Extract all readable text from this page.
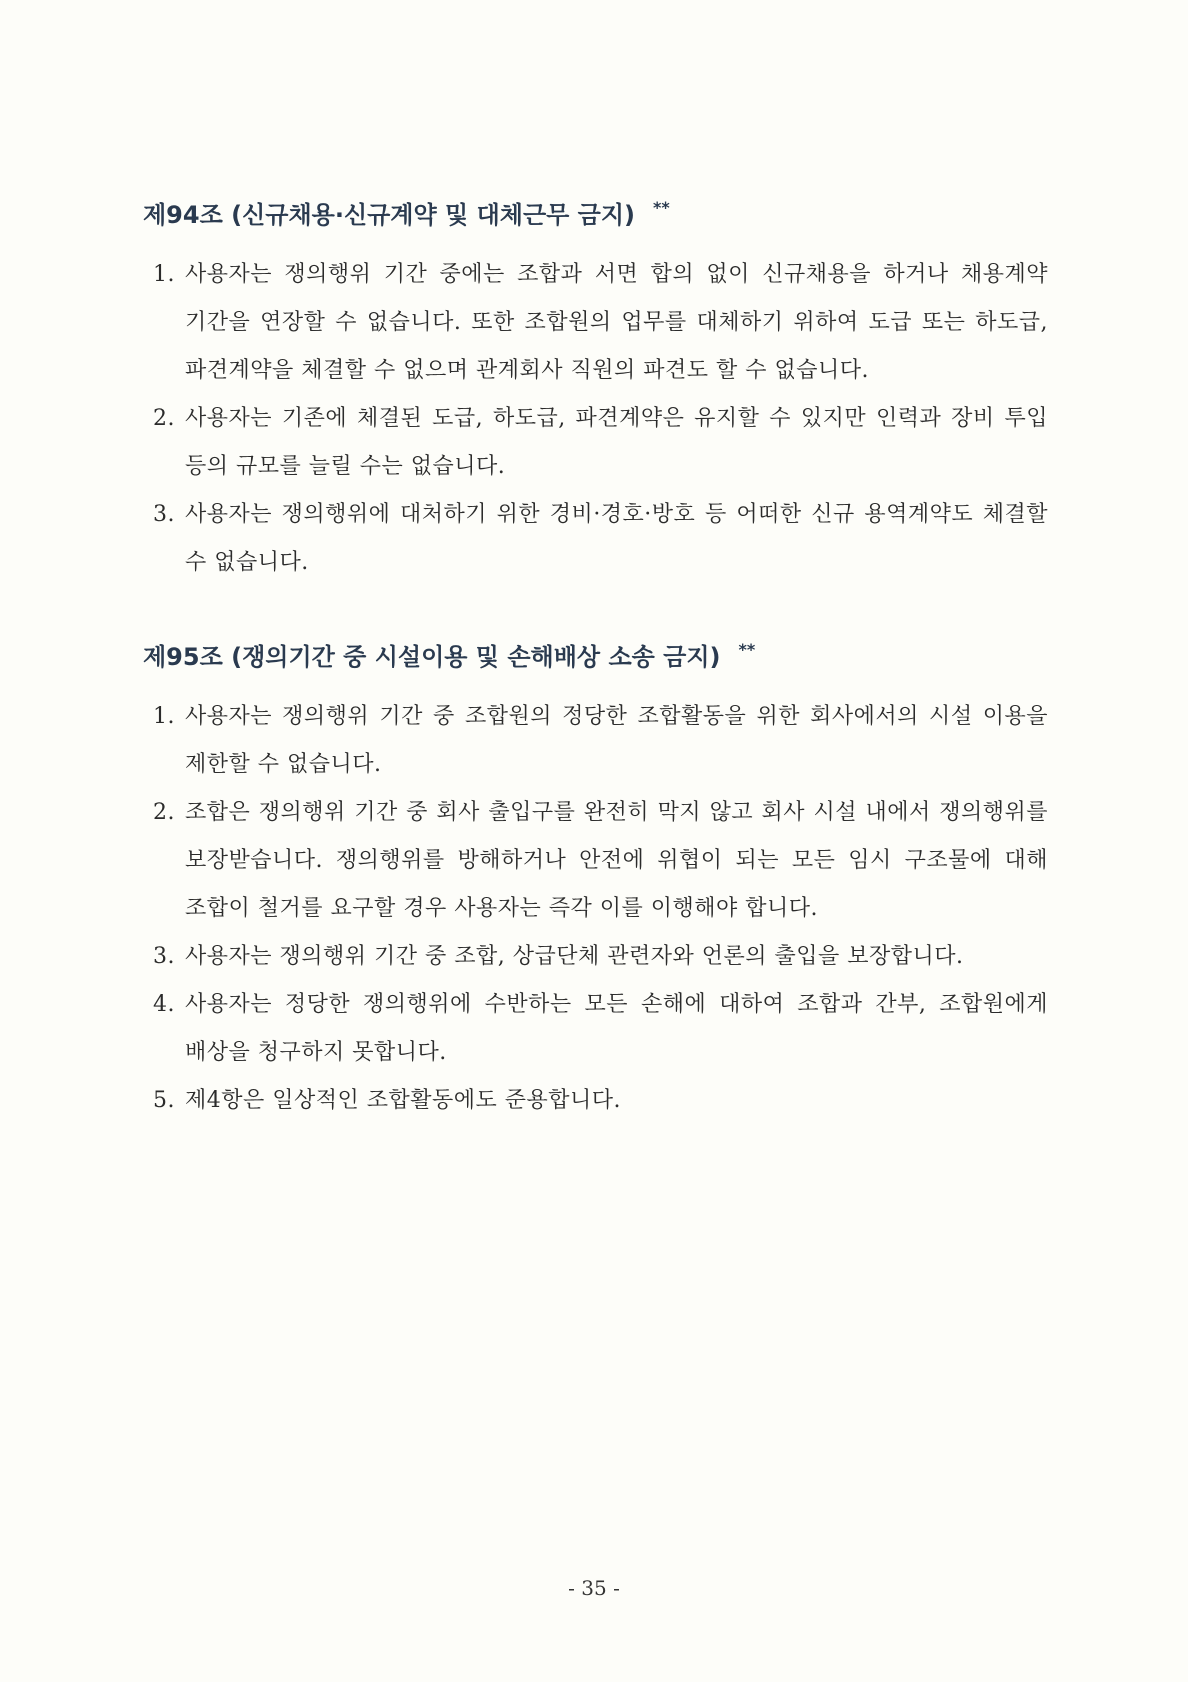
제94조 (신규채용·신규계약 및 대체근무 금지) **
1. 사용자는 쟁의행위 기간 중에는 조합과 서면 합의 없이 신규채용을 하거나 채용계약 기간을 연장할 수 없습니다. 또한 조합원의 업무를 대체하기 위하여 도급 또는 하도급, 파견계약을 체결할 수 없으며 관계회사 직원의 파견도 할 수 없습니다.
2. 사용자는 기존에 체결된 도급, 하도급, 파견계약은 유지할 수 있지만 인력과 장비 투입 등의 규모를 늘릴 수는 없습니다.
3. 사용자는 쟁의행위에 대처하기 위한 경비·경호·방호 등 어떠한 신규 용역계약도 체결할 수 없습니다.
제95조 (쟁의기간 중 시설이용 및 손해배상 소송 금지) **
1. 사용자는 쟁의행위 기간 중 조합원의 정당한 조합활동을 위한 회사에서의 시설 이용을 제한할 수 없습니다.
2. 조합은 쟁의행위 기간 중 회사 출입구를 완전히 막지 않고 회사 시설 내에서 쟁의행위를 보장받습니다. 쟁의행위를 방해하거나 안전에 위협이 되는 모든 임시 구조물에 대해 조합이 철거를 요구할 경우 사용자는 즉각 이를 이행해야 합니다.
3. 사용자는 쟁의행위 기간 중 조합, 상급단체 관련자와 언론의 출입을 보장합니다.
4. 사용자는 정당한 쟁의행위에 수반하는 모든 손해에 대하여 조합과 간부, 조합원에게 배상을 청구하지 못합니다.
5. 제4항은 일상적인 조합활동에도 준용합니다.
- 35 -
